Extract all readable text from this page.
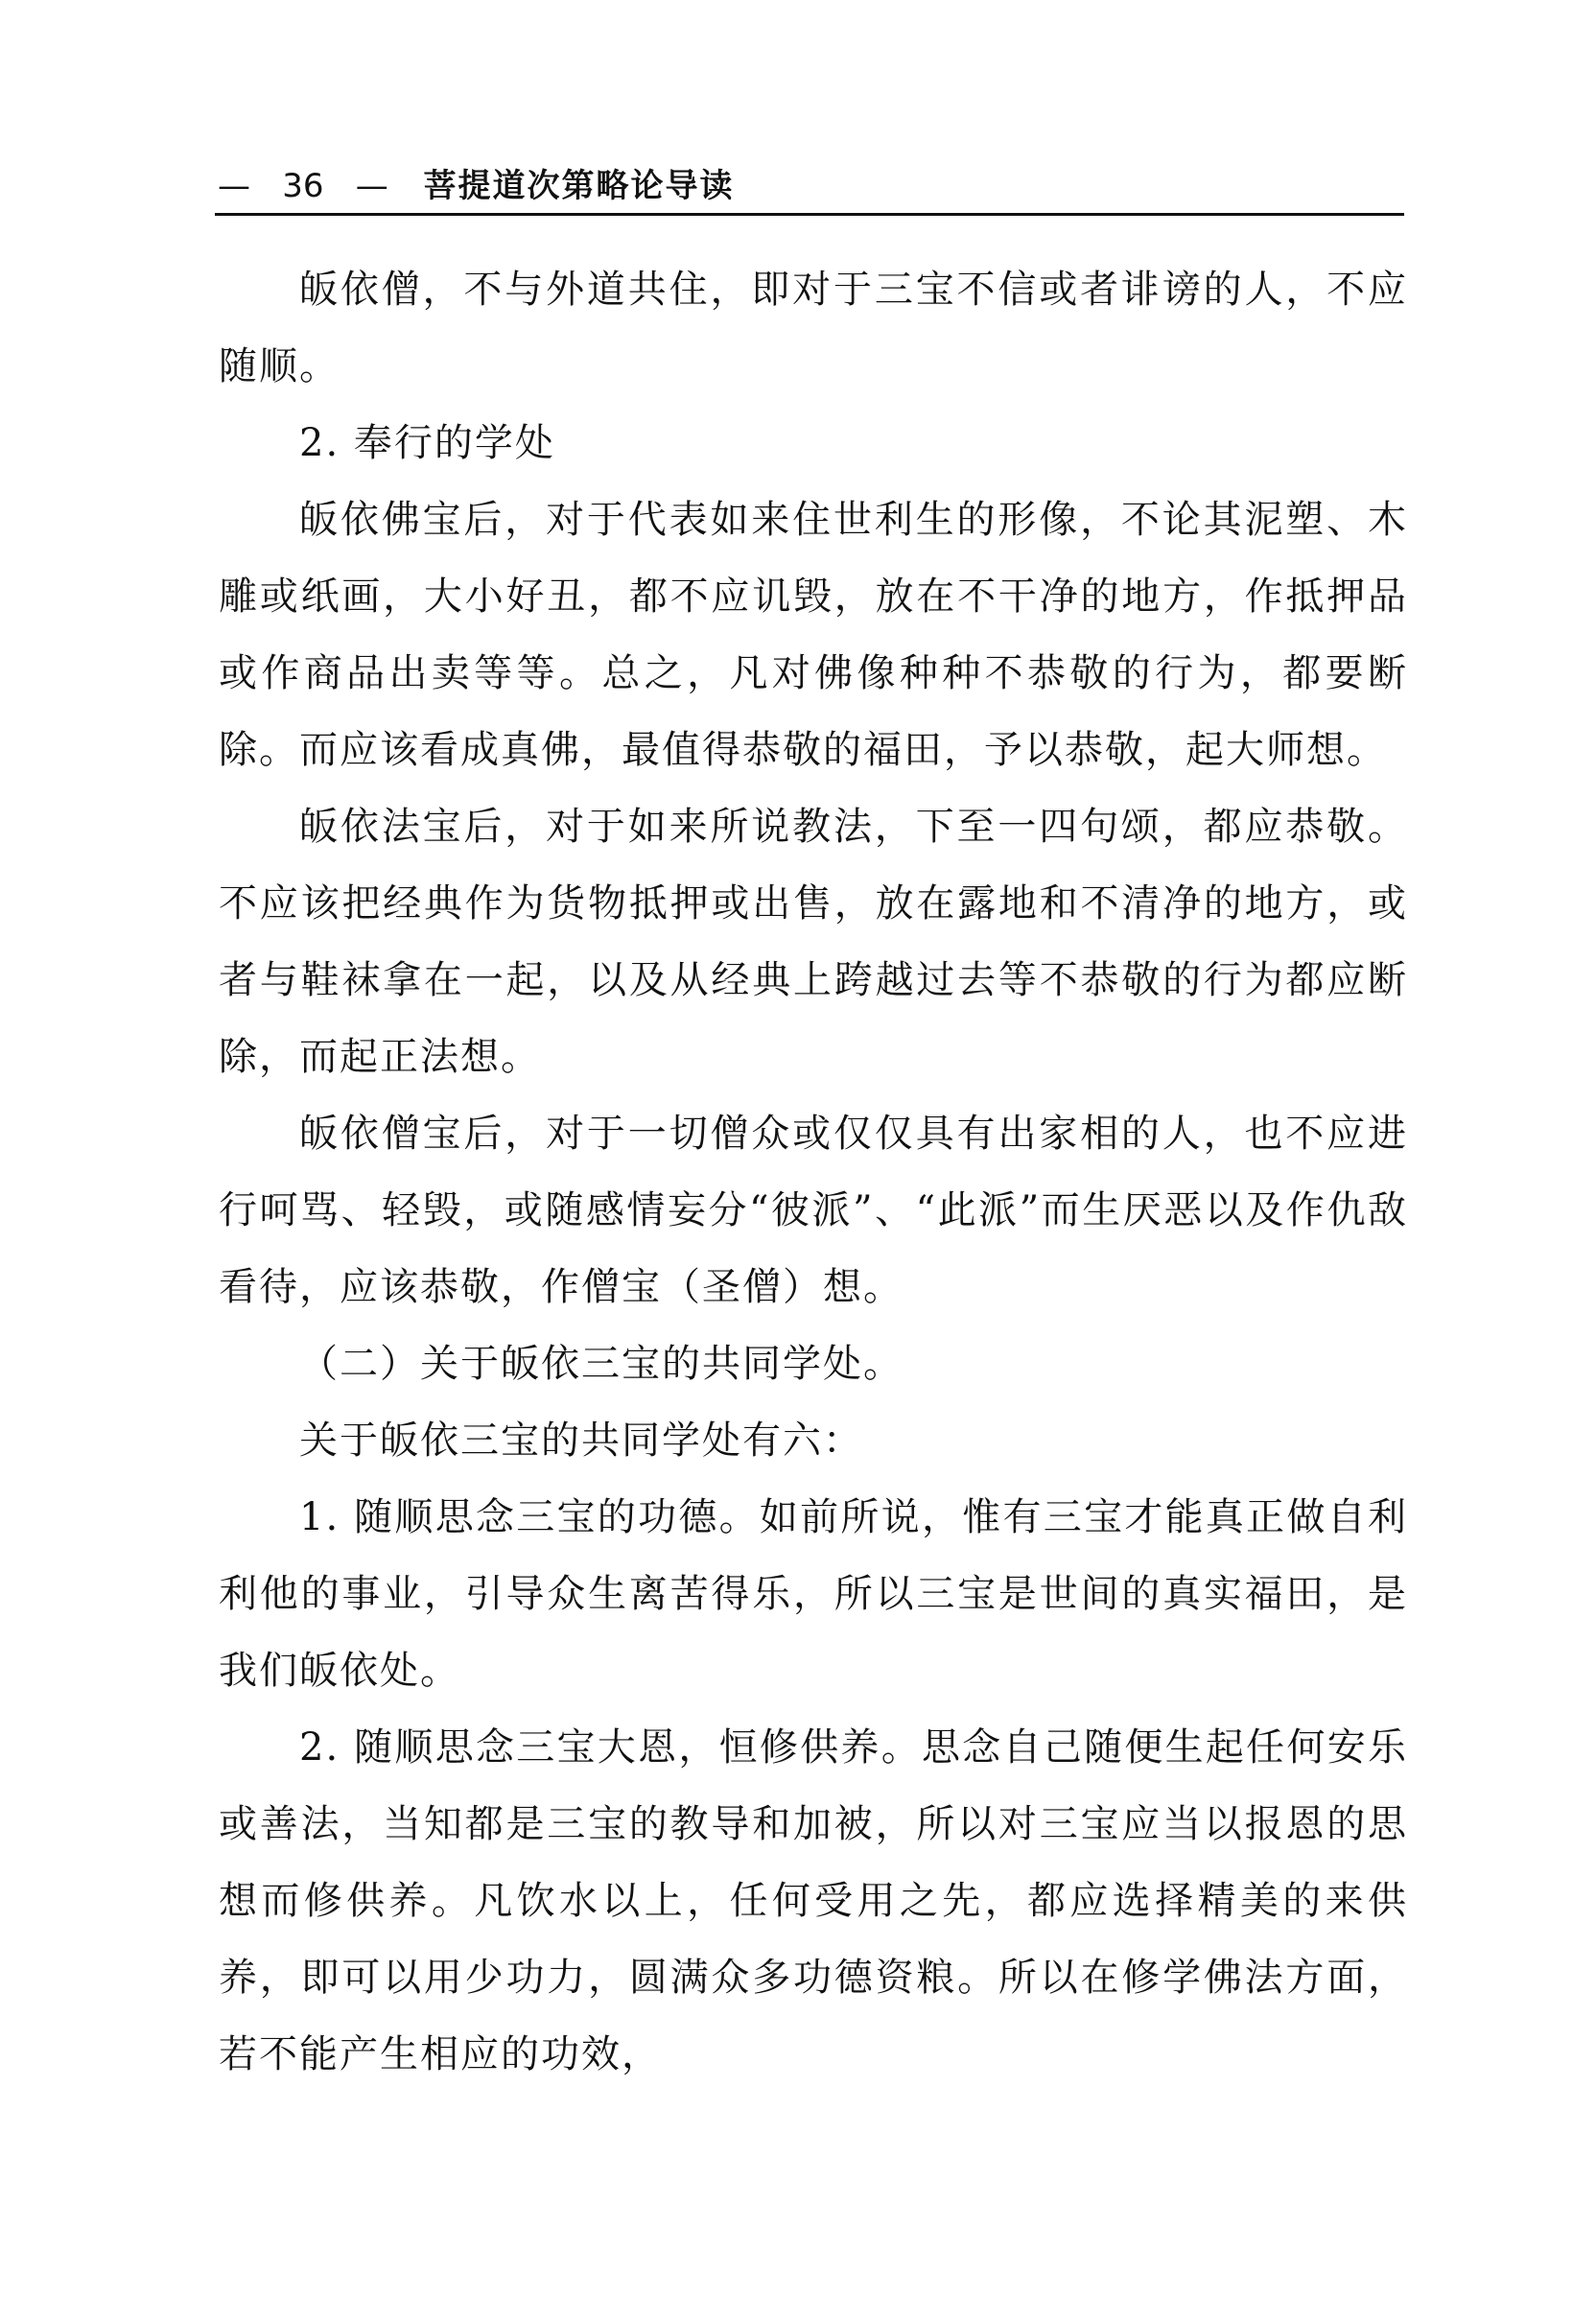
— 36 — 菩提道次第略论导读

皈依僧，不与外道共住，即对于三宝不信或者诽谤的人，不应随顺。

2. 奉行的学处

皈依佛宝后，对于代表如来住世利生的形像，不论其泥塑、木雕或纸画，大小好丑，都不应讥毁，放在不干净的地方，作抵押品或作商品出卖等等。总之，凡对佛像种种不恭敬的行为，都要断除。而应该看成真佛，最值得恭敬的福田，予以恭敬，起大师想。

皈依法宝后，对于如来所说教法，下至一四句颂，都应恭敬。不应该把经典作为货物抵押或出售，放在露地和不清净的地方，或者与鞋袜拿在一起，以及从经典上跨越过去等不恭敬的行为都应断除，而起正法想。

皈依僧宝后，对于一切僧众或仅仅具有出家相的人，也不应进行呵骂、轻毁，或随感情妄分“彼派”、“此派”而生厌恶以及作仇敌看待，应该恭敬，作僧宝（圣僧）想。

（二）关于皈依三宝的共同学处。

关于皈依三宝的共同学处有六：

1. 随顺思念三宝的功德。如前所说，惟有三宝才能真正做自利利他的事业，引导众生离苦得乐，所以三宝是世间的真实福田，是我们皈依处。

2. 随顺思念三宝大恩，恒修供养。思念自己随便生起任何安乐或善法，当知都是三宝的教导和加被，所以对三宝应当以报恩的思想而修供养。凡饮水以上，任何受用之先，都应选择精美的来供养，即可以用少功力，圆满众多功德资粮。所以在修学佛法方面，若不能产生相应的功效，
